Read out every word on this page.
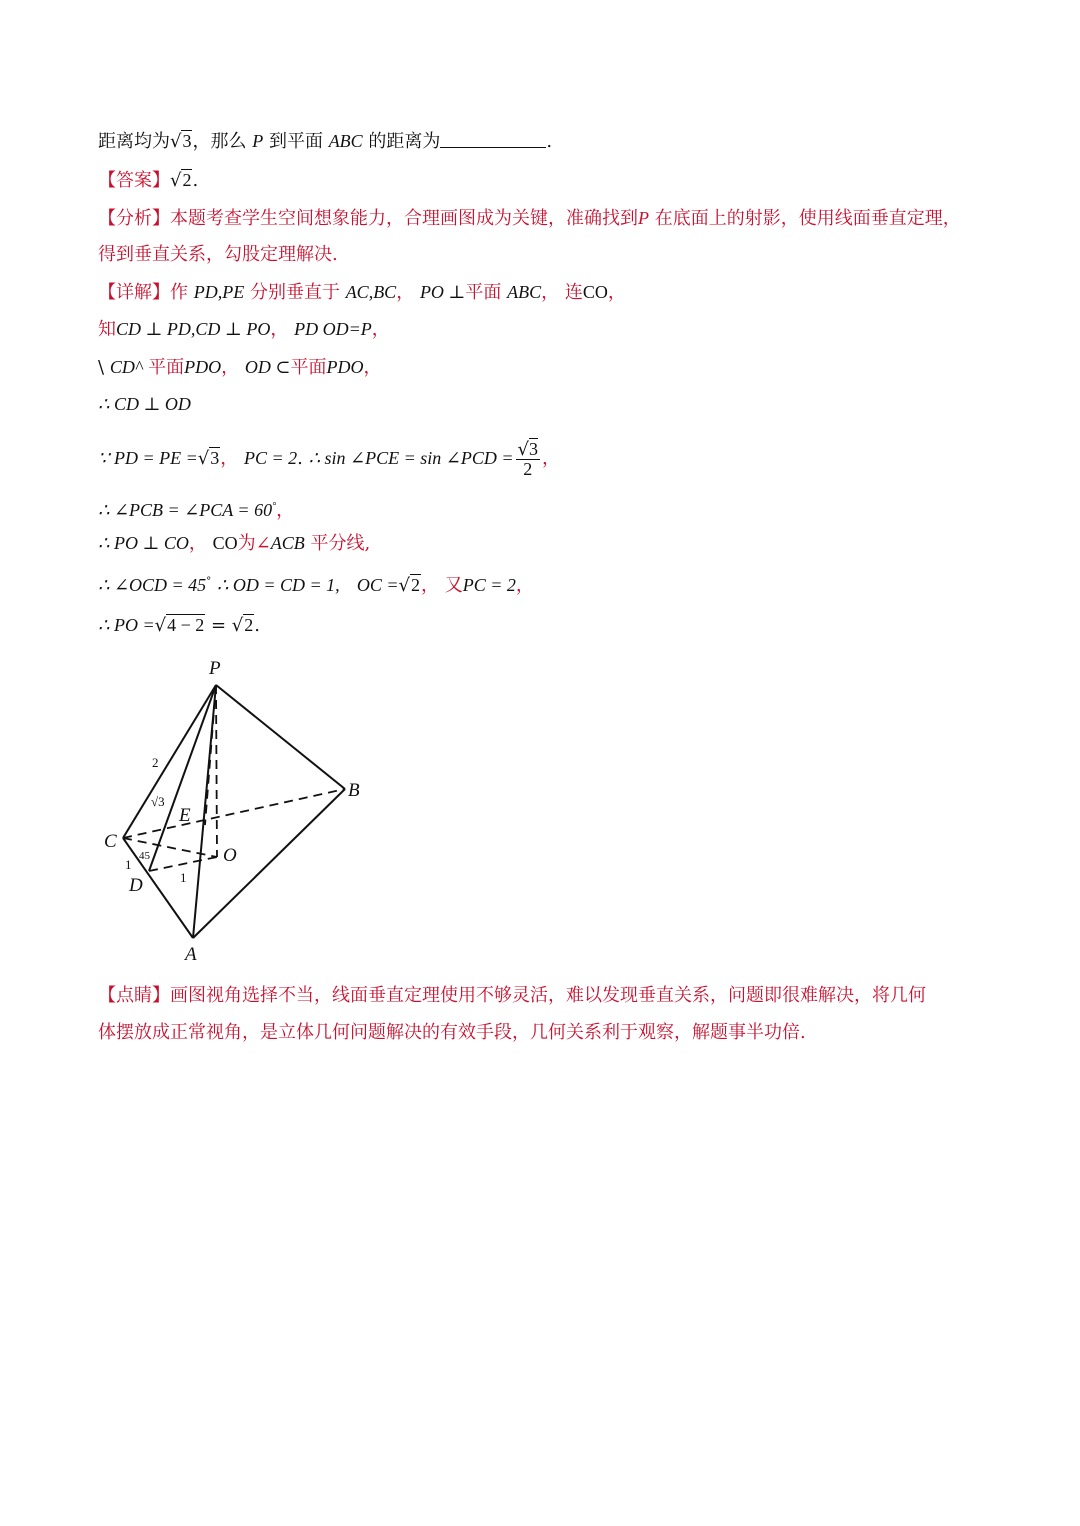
距离均为√3，那么 P 到平面 ABC 的距离为	.
【答案】√2.
【分析】本题考查学生空间想象能力，合理画图成为关键，准确找到P 在底面上的射影，使用线面垂直定理，
得到垂直关系，勾股定理解决.
【详解】作 PD,PE 分别垂直于 AC,BC， PO ⊥平面 ABC， 连CO，
知CD ⊥ PD,CD ⊥ PO， PD OD=P，
\ CD^ 平面PDO， OD ⊂平面PDO，
∴ CD ⊥ OD
∵ PD = PE =√3， PC = 2. ∴ sin ∠PCE = sin ∠PCD = $\frac{√3}{2}$ ，
∴ ∠PCB = ∠PCA = 60°，
∴ PO ⊥ CO， CO为∠ACB 平分线,
∴ ∠OCD = 45° ∴ OD = CD = 1, OC =√2， 又PC = 2，
∴ PO =√4 − 2 = √2.
P
B
C
O
E
D
A
2
√3
1
1
45
【点睛】画图视角选择不当，线面垂直定理使用不够灵活，难以发现垂直关系，问题即很难解决，将几何
体摆放成正常视角，是立体几何问题解决的有效手段，几何关系利于观察，解题事半功倍.
